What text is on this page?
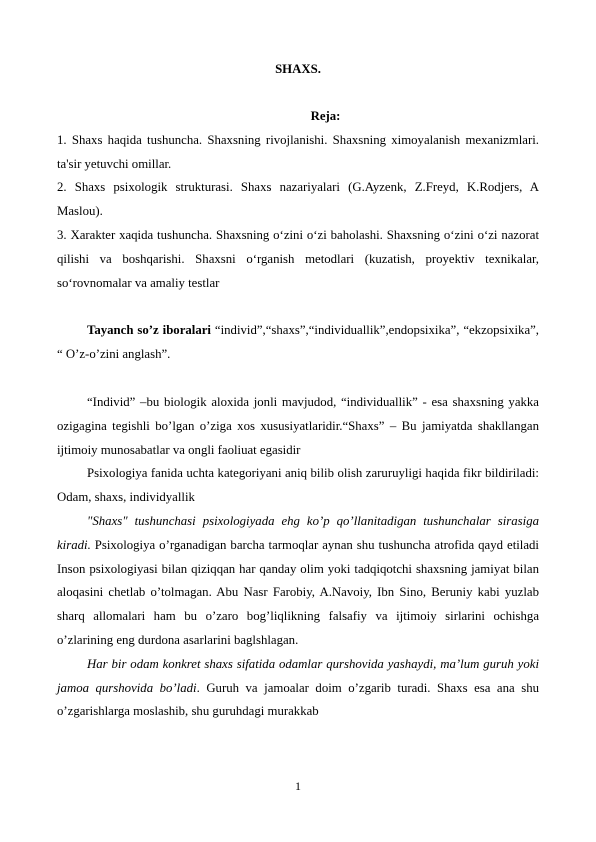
SHAXS.
Reja:

1. Shaxs haqida tushuncha. Shaxsning rivojlanishi. Shaxsning ximoyalanish mexanizmlari. ta'sir yetuvchi omillar.

2. Shaxs psixologik strukturasi. Shaxs nazariyalari (G.Ayzenk, Z.Freyd, K.Rodjers, A Maslou).

3. Xarakter xaqida tushuncha. Shaxsning o‘zini o‘zi baholashi. Shaxsning o‘zini o‘zi nazorat qilishi va boshqarishi. Shaxsni o‘rganish metodlari (kuzatish, proyektiv texnikalar, so‘rovnomalar va amaliy testlar

Tayanch so’z iboralari “individ”,“shaxs”,“individuallik”,endopsixika”, “ekzopsixika”, “ O’z-o’zini anglash”.

“Individ” –bu biologik aloxida jonli mavjudod, “individuallik” - esa shaxsning yakka ozigagina tegishli bo’lgan o’ziga xos xususiyatlaridir.“Shaxs” – Bu jamiyatda shakllangan ijtimoiy munosabatlar va ongli faoliuat egasidir

Psixologiya fanida uchta kategoriyani aniq bilib olish zaruruyligi haqida fikr bildiriladi: Odam, shaxs, individyallik

"Shaxs" tushunchasi psixologiyada ehg ko’p qo’llanitadigan tushunchalar sirasiga kiradi. Psixologiya o’rganadigan barcha tarmoqlar aynan shu tushuncha atrofida qayd etiladi Inson psixologiyasi bilan qiziqqan har qanday olim yoki tadqiqotchi shaxsning jamiyat bilan aloqasini chetlab o’tolmagan. Abu Nasr Farobiy, A.Navoiy, Ibn Sino, Beruniy kabi yuzlab sharq allomalari ham bu o’zaro bog’liqlikning falsafiy va ijtimoiy sirlarini ochishga o’zlarining eng durdona asarlarini baglshlagan.

Har bir odam konkret shaxs sifatida odamlar qurshovida yashaydi, ma’lum guruh yoki jamoa qurshovida bo’ladi. Guruh va jamoalar doim o’zgarib turadi. Shaxs esa ana shu o’zgarishlarga moslashib, shu guruhdagi murakkab

1
